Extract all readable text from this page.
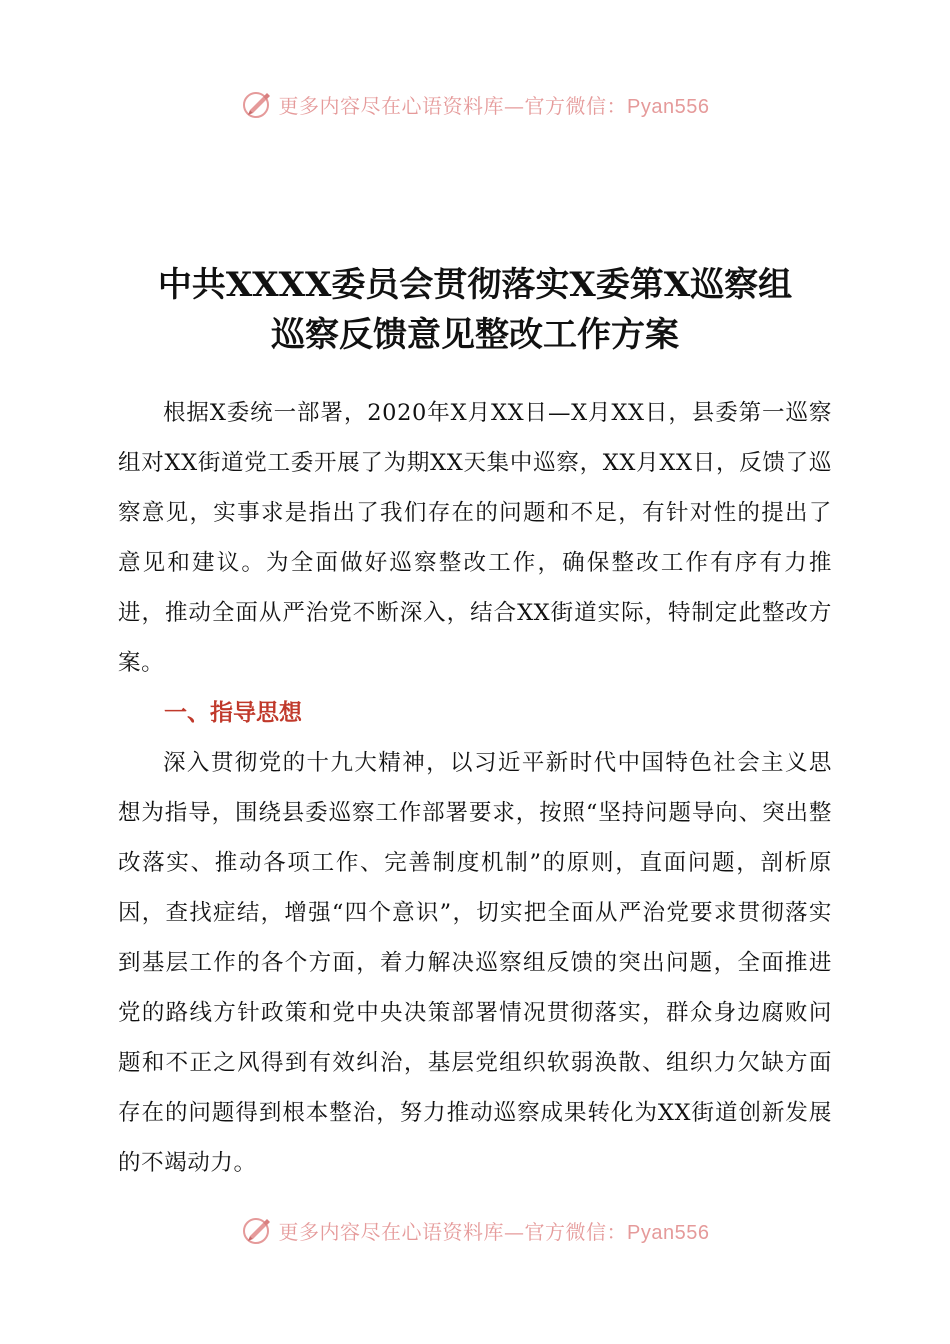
更多内容尽在心语资料库—官方微信：Pyan556
中共XXXX委员会贯彻落实X委第X巡察组
巡察反馈意见整改工作方案

根据X委统一部署，2020年X月XX日—X月XX日，县委第一巡察组对XX街道党工委开展了为期XX天集中巡察，XX月XX日，反馈了巡察意见，实事求是指出了我们存在的问题和不足，有针对性的提出了意见和建议。为全面做好巡察整改工作，确保整改工作有序有力推进，推动全面从严治党不断深入，结合XX街道实际，特制定此整改方案。

一、指导思想

深入贯彻党的十九大精神，以习近平新时代中国特色社会主义思想为指导，围绕县委巡察工作部署要求，按照“坚持问题导向、突出整改落实、推动各项工作、完善制度机制”的原则，直面问题，剖析原因，查找症结，增强“四个意识”，切实把全面从严治党要求贯彻落实到基层工作的各个方面，着力解决巡察组反馈的突出问题，全面推进党的路线方针政策和党中央决策部署情况贯彻落实，群众身边腐败问题和不正之风得到有效纠治，基层党组织软弱涣散、组织力欠缺方面存在的问题得到根本整治，努力推动巡察成果转化为XX街道创新发展的不竭动力。

更多内容尽在心语资料库—官方微信：Pyan556
